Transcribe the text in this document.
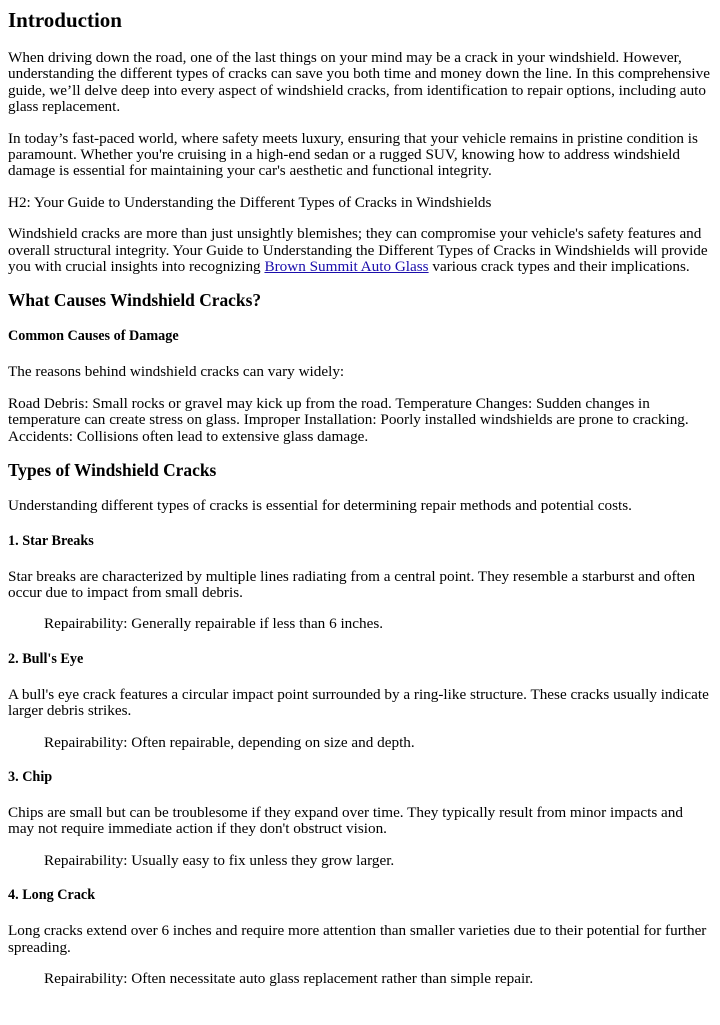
Introduction

When driving down the road, one of the last things on your mind may be a crack in your windshield. However, understanding the different types of cracks can save you both time and money down the line. In this comprehensive guide, we’ll delve deep into every aspect of windshield cracks, from identification to repair options, including auto glass replacement.

In today’s fast-paced world, where safety meets luxury, ensuring that your vehicle remains in pristine condition is paramount. Whether you're cruising in a high-end sedan or a rugged SUV, knowing how to address windshield damage is essential for maintaining your car's aesthetic and functional integrity.

H2: Your Guide to Understanding the Different Types of Cracks in Windshields

Windshield cracks are more than just unsightly blemishes; they can compromise your vehicle's safety features and overall structural integrity. Your Guide to Understanding the Different Types of Cracks in Windshields will provide you with crucial insights into recognizing Brown Summit Auto Glass various crack types and their implications.

What Causes Windshield Cracks?
Common Causes of Damage

The reasons behind windshield cracks can vary widely:

Road Debris: Small rocks or gravel may kick up from the road. Temperature Changes: Sudden changes in temperature can create stress on glass. Improper Installation: Poorly installed windshields are prone to cracking. Accidents: Collisions often lead to extensive glass damage.

Types of Windshield Cracks

Understanding different types of cracks is essential for determining repair methods and potential costs.

1. Star Breaks

Star breaks are characterized by multiple lines radiating from a central point. They resemble a starburst and often occur due to impact from small debris.

Repairability: Generally repairable if less than 6 inches.

2. Bull's Eye

A bull's eye crack features a circular impact point surrounded by a ring-like structure. These cracks usually indicate larger debris strikes.

Repairability: Often repairable, depending on size and depth.

3. Chip

Chips are small but can be troublesome if they expand over time. They typically result from minor impacts and may not require immediate action if they don't obstruct vision.

Repairability: Usually easy to fix unless they grow larger.

4. Long Crack

Long cracks extend over 6 inches and require more attention than smaller varieties due to their potential for further spreading.

Repairability: Often necessitate auto glass replacement rather than simple repair.
